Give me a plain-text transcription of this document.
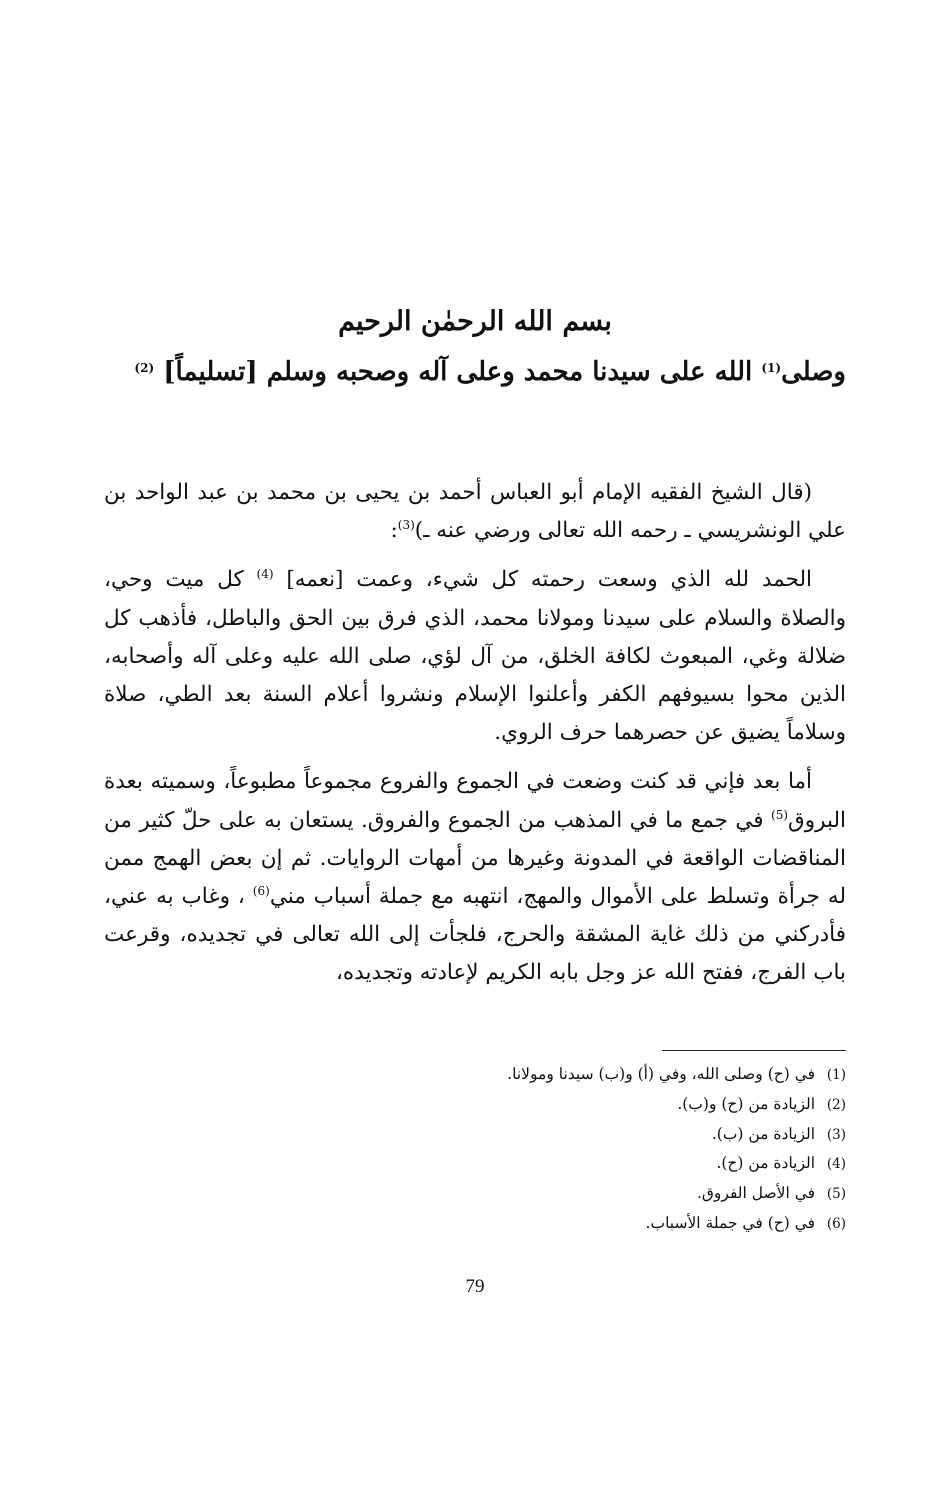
بسم الله الرحمٰن الرحيم
وصلى$^{(1)}$ الله على سيدنا محمد وعلى آله وصحبه وسلم [تسليماً] $^{(2)}$

(قال الشيخ الفقيه الإمام أبو العباس أحمد بن يحيى بن محمد بن عبد الواحد بن علي الونشريسي ـ رحمه الله تعالى ورضي عنه ـ)$^{(3)}$:

الحمد لله الذي وسعت رحمته كل شيء، وعمت [نعمه] $^{(4)}$ كل ميت وحي، والصلاة والسلام على سيدنا ومولانا محمد، الذي فرق بين الحق والباطل، فأذهب كل ضلالة وغي، المبعوث لكافة الخلق، من آل لؤي، صلى الله عليه وعلى آله وأصحابه، الذين محوا بسيوفهم الكفر وأعلنوا الإسلام ونشروا أعلام السنة بعد الطي، صلاة وسلاماً يضيق عن حصرهما حرف الروي.

أما بعد فإني قد كنت وضعت في الجموع والفروع مجموعاً مطبوعاً، وسميته بعدة البروق$^{(5)}$ في جمع ما في المذهب من الجموع والفروق. يستعان به على حلّ كثير من المناقضات الواقعة في المدونة وغيرها من أمهات الروايات. ثم إن بعض الهمج ممن له جرأة وتسلط على الأموال والمهج، انتهبه مع جملة أسباب مني$^{(6)}$ ، وغاب به عني، فأدركني من ذلك غاية المشقة والحرج، فلجأت إلى الله تعالى في تجديده، وقرعت باب الفرج، ففتح الله عز وجل بابه الكريم لإعادته وتجديده،

(1) في (ح) وصلى الله، وفي (أ) و(ب) سيدنا ومولانا.
(2) الزيادة من (ح) و(ب).
(3) الزيادة من (ب).
(4) الزيادة من (ح).
(5) في الأصل الفروق.
(6) في (ح) في جملة الأسباب.
79
